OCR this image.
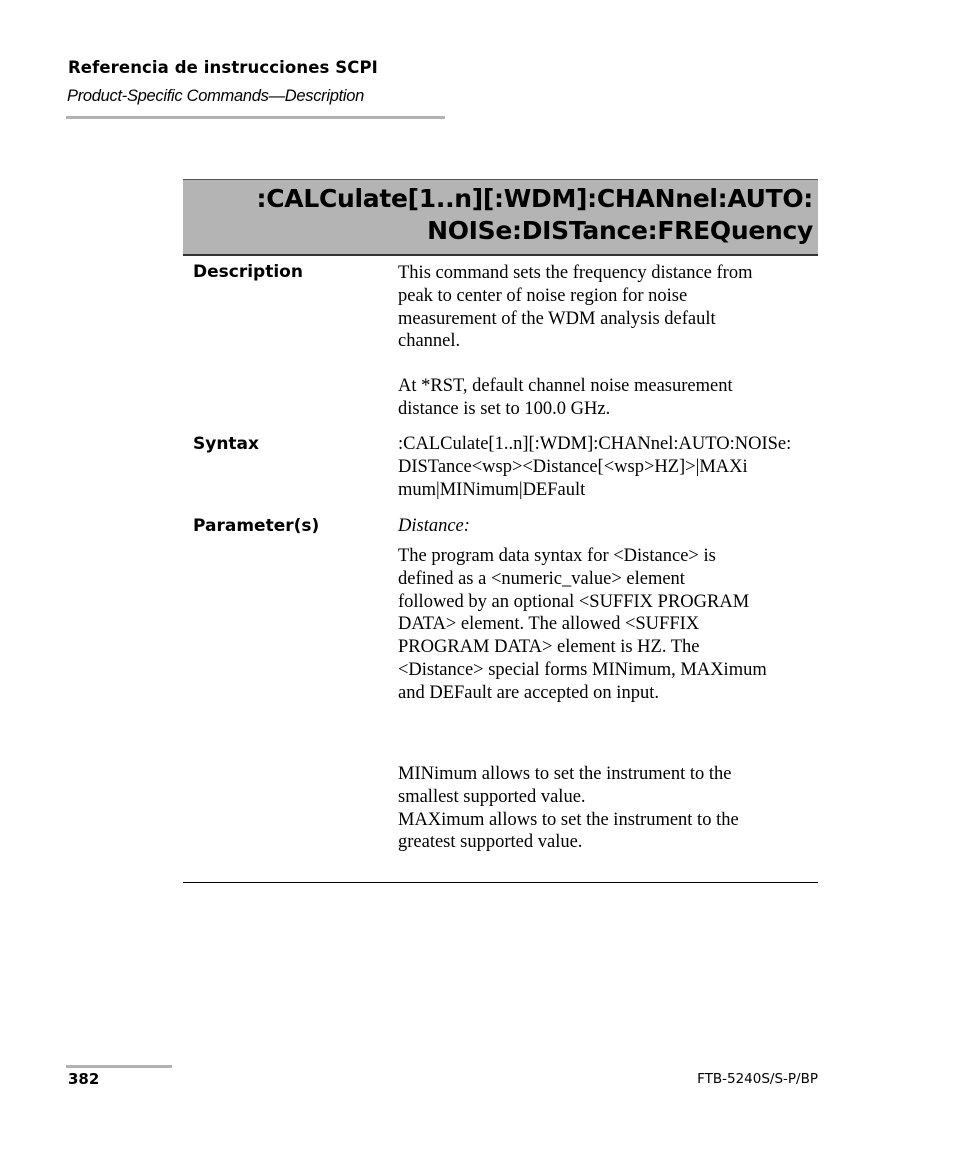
Referencia de instrucciones SCPI
Product-Specific Commands—Description
:CALCulate[1..n][:WDM]:CHANnel:AUTO:
NOISe:DISTance:FREQuency
Description	This command sets the frequency distance from
peak to center of noise region for noise
measurement of the WDM analysis default
channel.
At *RST, default channel noise measurement
distance is set to 100.0 GHz.
Syntax	:CALCulate[1..n][:WDM]:CHANnel:AUTO:NOISe:
DISTance<wsp><Distance[<wsp>HZ]>|MAXi
mum|MINimum|DEFault
Parameter(s)	Distance:
The program data syntax for <Distance> is
defined as a <numeric_value> element
followed by an optional <SUFFIX PROGRAM
DATA> element. The allowed <SUFFIX
PROGRAM DATA> element is HZ. The
<Distance> special forms MINimum, MAXimum
and DEFault are accepted on input.
MINimum allows to set the instrument to the
smallest supported value.
MAXimum allows to set the instrument to the
greatest supported value.
382	FTB-5240S/S-P/BP
